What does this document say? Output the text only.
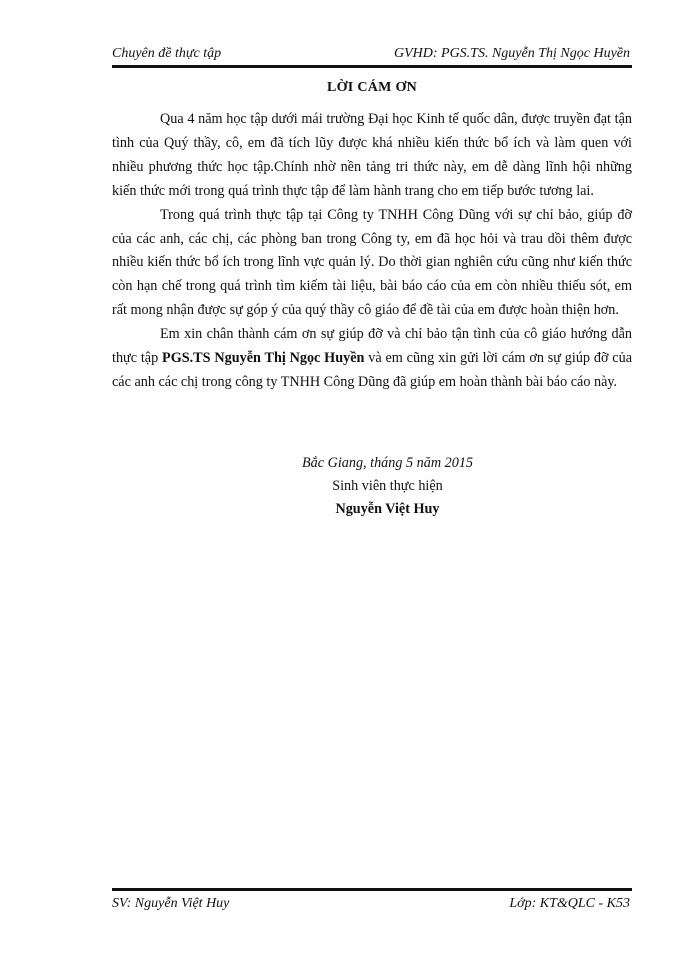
Chuyên đề thực tập	GVHD: PGS.TS. Nguyễn Thị Ngọc Huyền
LỜI CÁM ƠN

Qua 4 năm học tập dưới mái trường Đại học Kinh tế quốc dân, được truyền đạt tận tình của Quý thầy, cô, em đã tích lũy được khá nhiều kiến thức bổ ích và làm quen với nhiều phương thức học tập.Chính nhờ nền tảng tri thức này, em dễ dàng lĩnh hội những kiến thức mới trong quá trình thực tập để làm hành trang cho em tiếp bước tương lai.

Trong quá trình thực tập tại Công ty TNHH Công Dũng với sự chỉ bảo, giúp đỡ của các anh, các chị, các phòng ban trong Công ty, em đã học hỏi và trau dồi thêm được nhiều kiến thức bổ ích trong lĩnh vực quản lý. Do thời gian nghiên cứu cũng như kiến thức còn hạn chế trong quá trình tìm kiếm tài liệu, bài báo cáo của em còn nhiều thiếu sót, em rất mong nhận được sự góp ý của quý thầy cô giáo để đề tài của em được hoàn thiện hơn.

Em xin chân thành cám ơn sự giúp đỡ và chỉ bảo tận tình của cô giáo hướng dẫn thực tập PGS.TS Nguyễn Thị Ngọc Huyền và em cũng xin gửi lời cám ơn sự giúp đỡ của các anh các chị trong công ty TNHH Công Dũng đã giúp em hoàn thành bài báo cáo này.

Bắc Giang, tháng 5 năm 2015
Sinh viên thực hiện
Nguyễn Việt Huy
SV: Nguyễn Việt Huy	Lớp: KT&QLC - K53
